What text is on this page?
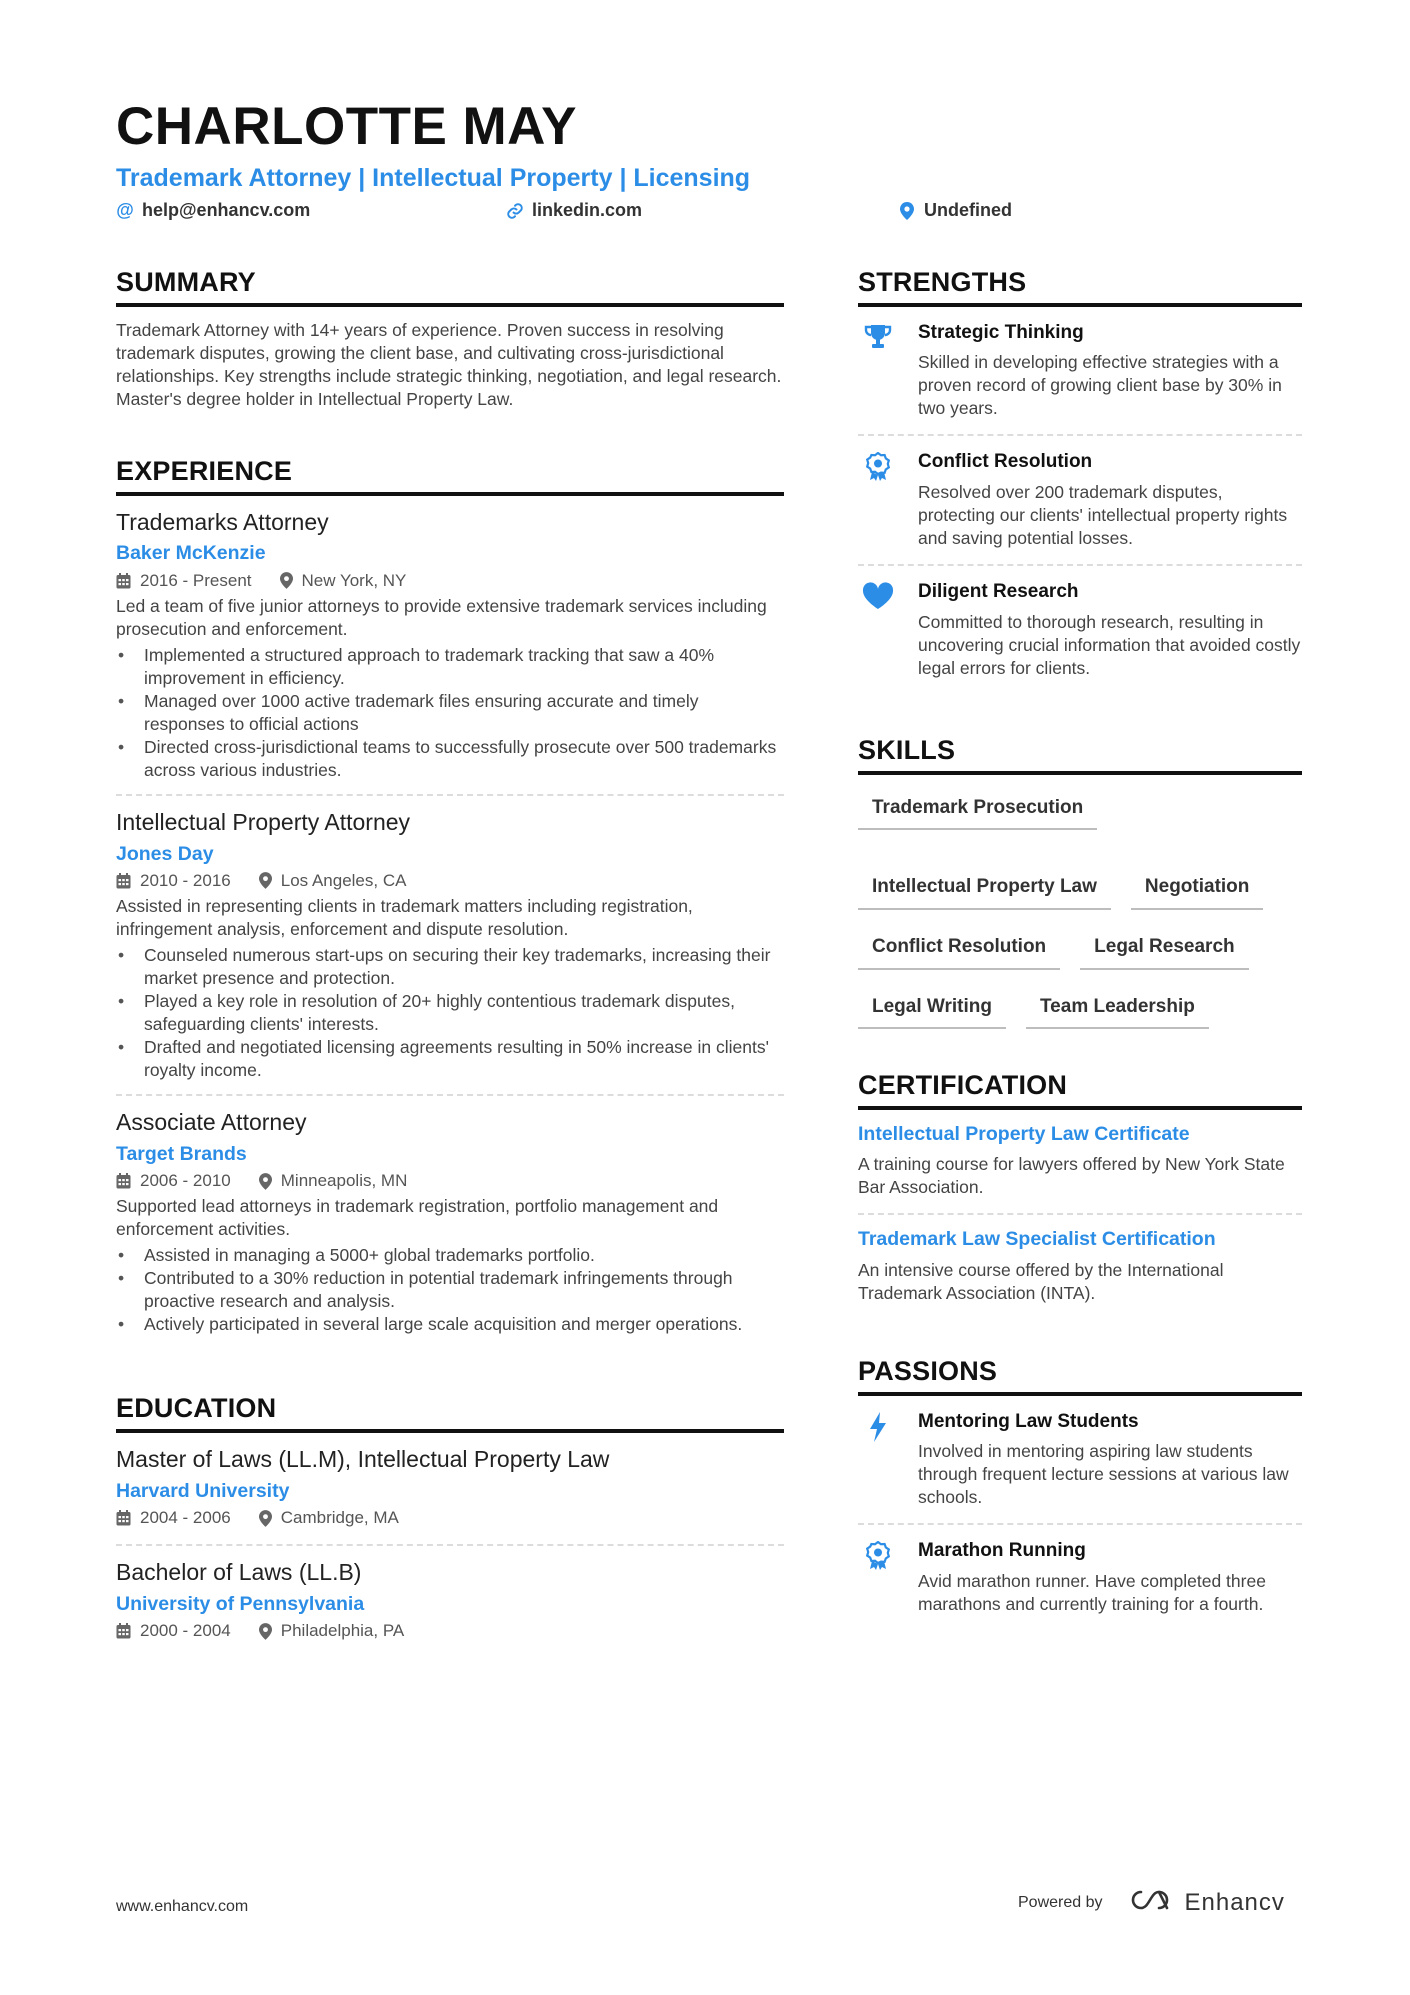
CHARLOTTE MAY
Trademark Attorney | Intellectual Property | Licensing
@ help@enhancv.com	linkedin.com	Undefined
SUMMARY

Trademark Attorney with 14+ years of experience. Proven success in resolving trademark disputes, growing the client base, and cultivating cross-jurisdictional relationships. Key strengths include strategic thinking, negotiation, and legal research. Master's degree holder in Intellectual Property Law.

EXPERIENCE
Trademarks Attorney
Baker McKenzie
2016 - Present	New York, NY

Led a team of five junior attorneys to provide extensive trademark services including prosecution and enforcement.

• Implemented a structured approach to trademark tracking that saw a 40% improvement in efficiency.
• Managed over 1000 active trademark files ensuring accurate and timely responses to official actions
• Directed cross-jurisdictional teams to successfully prosecute over 500 trademarks across various industries.
Intellectual Property Attorney
Jones Day
2010 - 2016	Los Angeles, CA

Assisted in representing clients in trademark matters including registration, infringement analysis, enforcement and dispute resolution.

• Counseled numerous start-ups on securing their key trademarks, increasing their market presence and protection.
• Played a key role in resolution of 20+ highly contentious trademark disputes, safeguarding clients' interests.
• Drafted and negotiated licensing agreements resulting in 50% increase in clients' royalty income.
Associate Attorney
Target Brands
2006 - 2010	Minneapolis, MN

Supported lead attorneys in trademark registration, portfolio management and enforcement activities.

• Assisted in managing a 5000+ global trademarks portfolio.
• Contributed to a 30% reduction in potential trademark infringements through proactive research and analysis.
• Actively participated in several large scale acquisition and merger operations.
EDUCATION
Master of Laws (LL.M), Intellectual Property Law
Harvard University
2004 - 2006	Cambridge, MA
Bachelor of Laws (LL.B)
University of Pennsylvania
2000 - 2004	Philadelphia, PA
STRENGTHS
Strategic Thinking

Skilled in developing effective strategies with a proven record of growing client base by 30% in two years.

Conflict Resolution

Resolved over 200 trademark disputes, protecting our clients' intellectual property rights and saving potential losses.

Diligent Research

Committed to thorough research, resulting in uncovering crucial information that avoided costly legal errors for clients.

SKILLS
Trademark Prosecution
Intellectual Property Law	Negotiation
Conflict Resolution	Legal Research
Legal Writing	Team Leadership
CERTIFICATION
Intellectual Property Law Certificate

A training course for lawyers offered by New York State Bar Association.

Trademark Law Specialist Certification

An intensive course offered by the International Trademark Association (INTA).

PASSIONS
Mentoring Law Students

Involved in mentoring aspiring law students through frequent lecture sessions at various law schools.

Marathon Running

Avid marathon runner. Have completed three marathons and currently training for a fourth.

www.enhancv.com	Powered by	Enhancv
